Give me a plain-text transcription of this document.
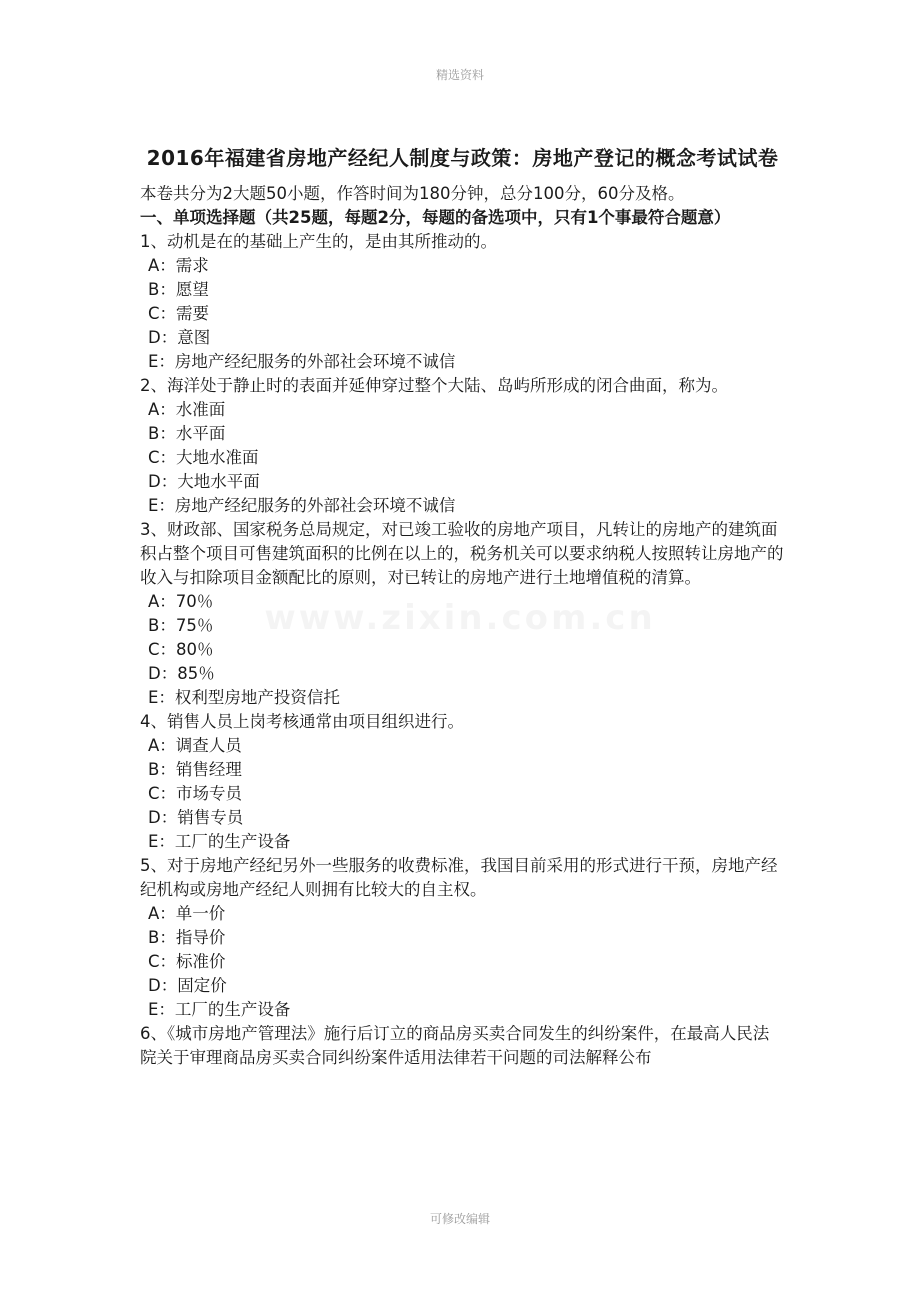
精选资料
2016年福建省房地产经纪人制度与政策：房地产登记的概念考试试卷
本卷共分为2大题50小题，作答时间为180分钟，总分100分，60分及格。
一、单项选择题（共25题，每题2分，每题的备选项中，只有1个事最符合题意）
1、动机是在的基础上产生的，是由其所推动的。
A：需求
B：愿望
C：需要
D：意图
E：房地产经纪服务的外部社会环境不诚信
2、海洋处于静止时的表面并延伸穿过整个大陆、岛屿所形成的闭合曲面，称为。
A：水准面
B：水平面
C：大地水准面
D：大地水平面
E：房地产经纪服务的外部社会环境不诚信
3、财政部、国家税务总局规定，对已竣工验收的房地产项目，凡转让的房地产的建筑面积占整个项目可售建筑面积的比例在以上的，税务机关可以要求纳税人按照转让房地产的收入与扣除项目金额配比的原则，对已转让的房地产进行土地增值税的清算。
A：70％
B：75％
C：80％
D：85％
E：权利型房地产投资信托
4、销售人员上岗考核通常由项目组织进行。
A：调查人员
B：销售经理
C：市场专员
D：销售专员
E：工厂的生产设备
5、对于房地产经纪另外一些服务的收费标准，我国目前采用的形式进行干预，房地产经纪机构或房地产经纪人则拥有比较大的自主权。
A：单一价
B：指导价
C：标准价
D：固定价
E：工厂的生产设备
6、《城市房地产管理法》施行后订立的商品房买卖合同发生的纠纷案件，在最高人民法院关于审理商品房买卖合同纠纷案件适用法律若干问题的司法解释公布
可修改编辑
